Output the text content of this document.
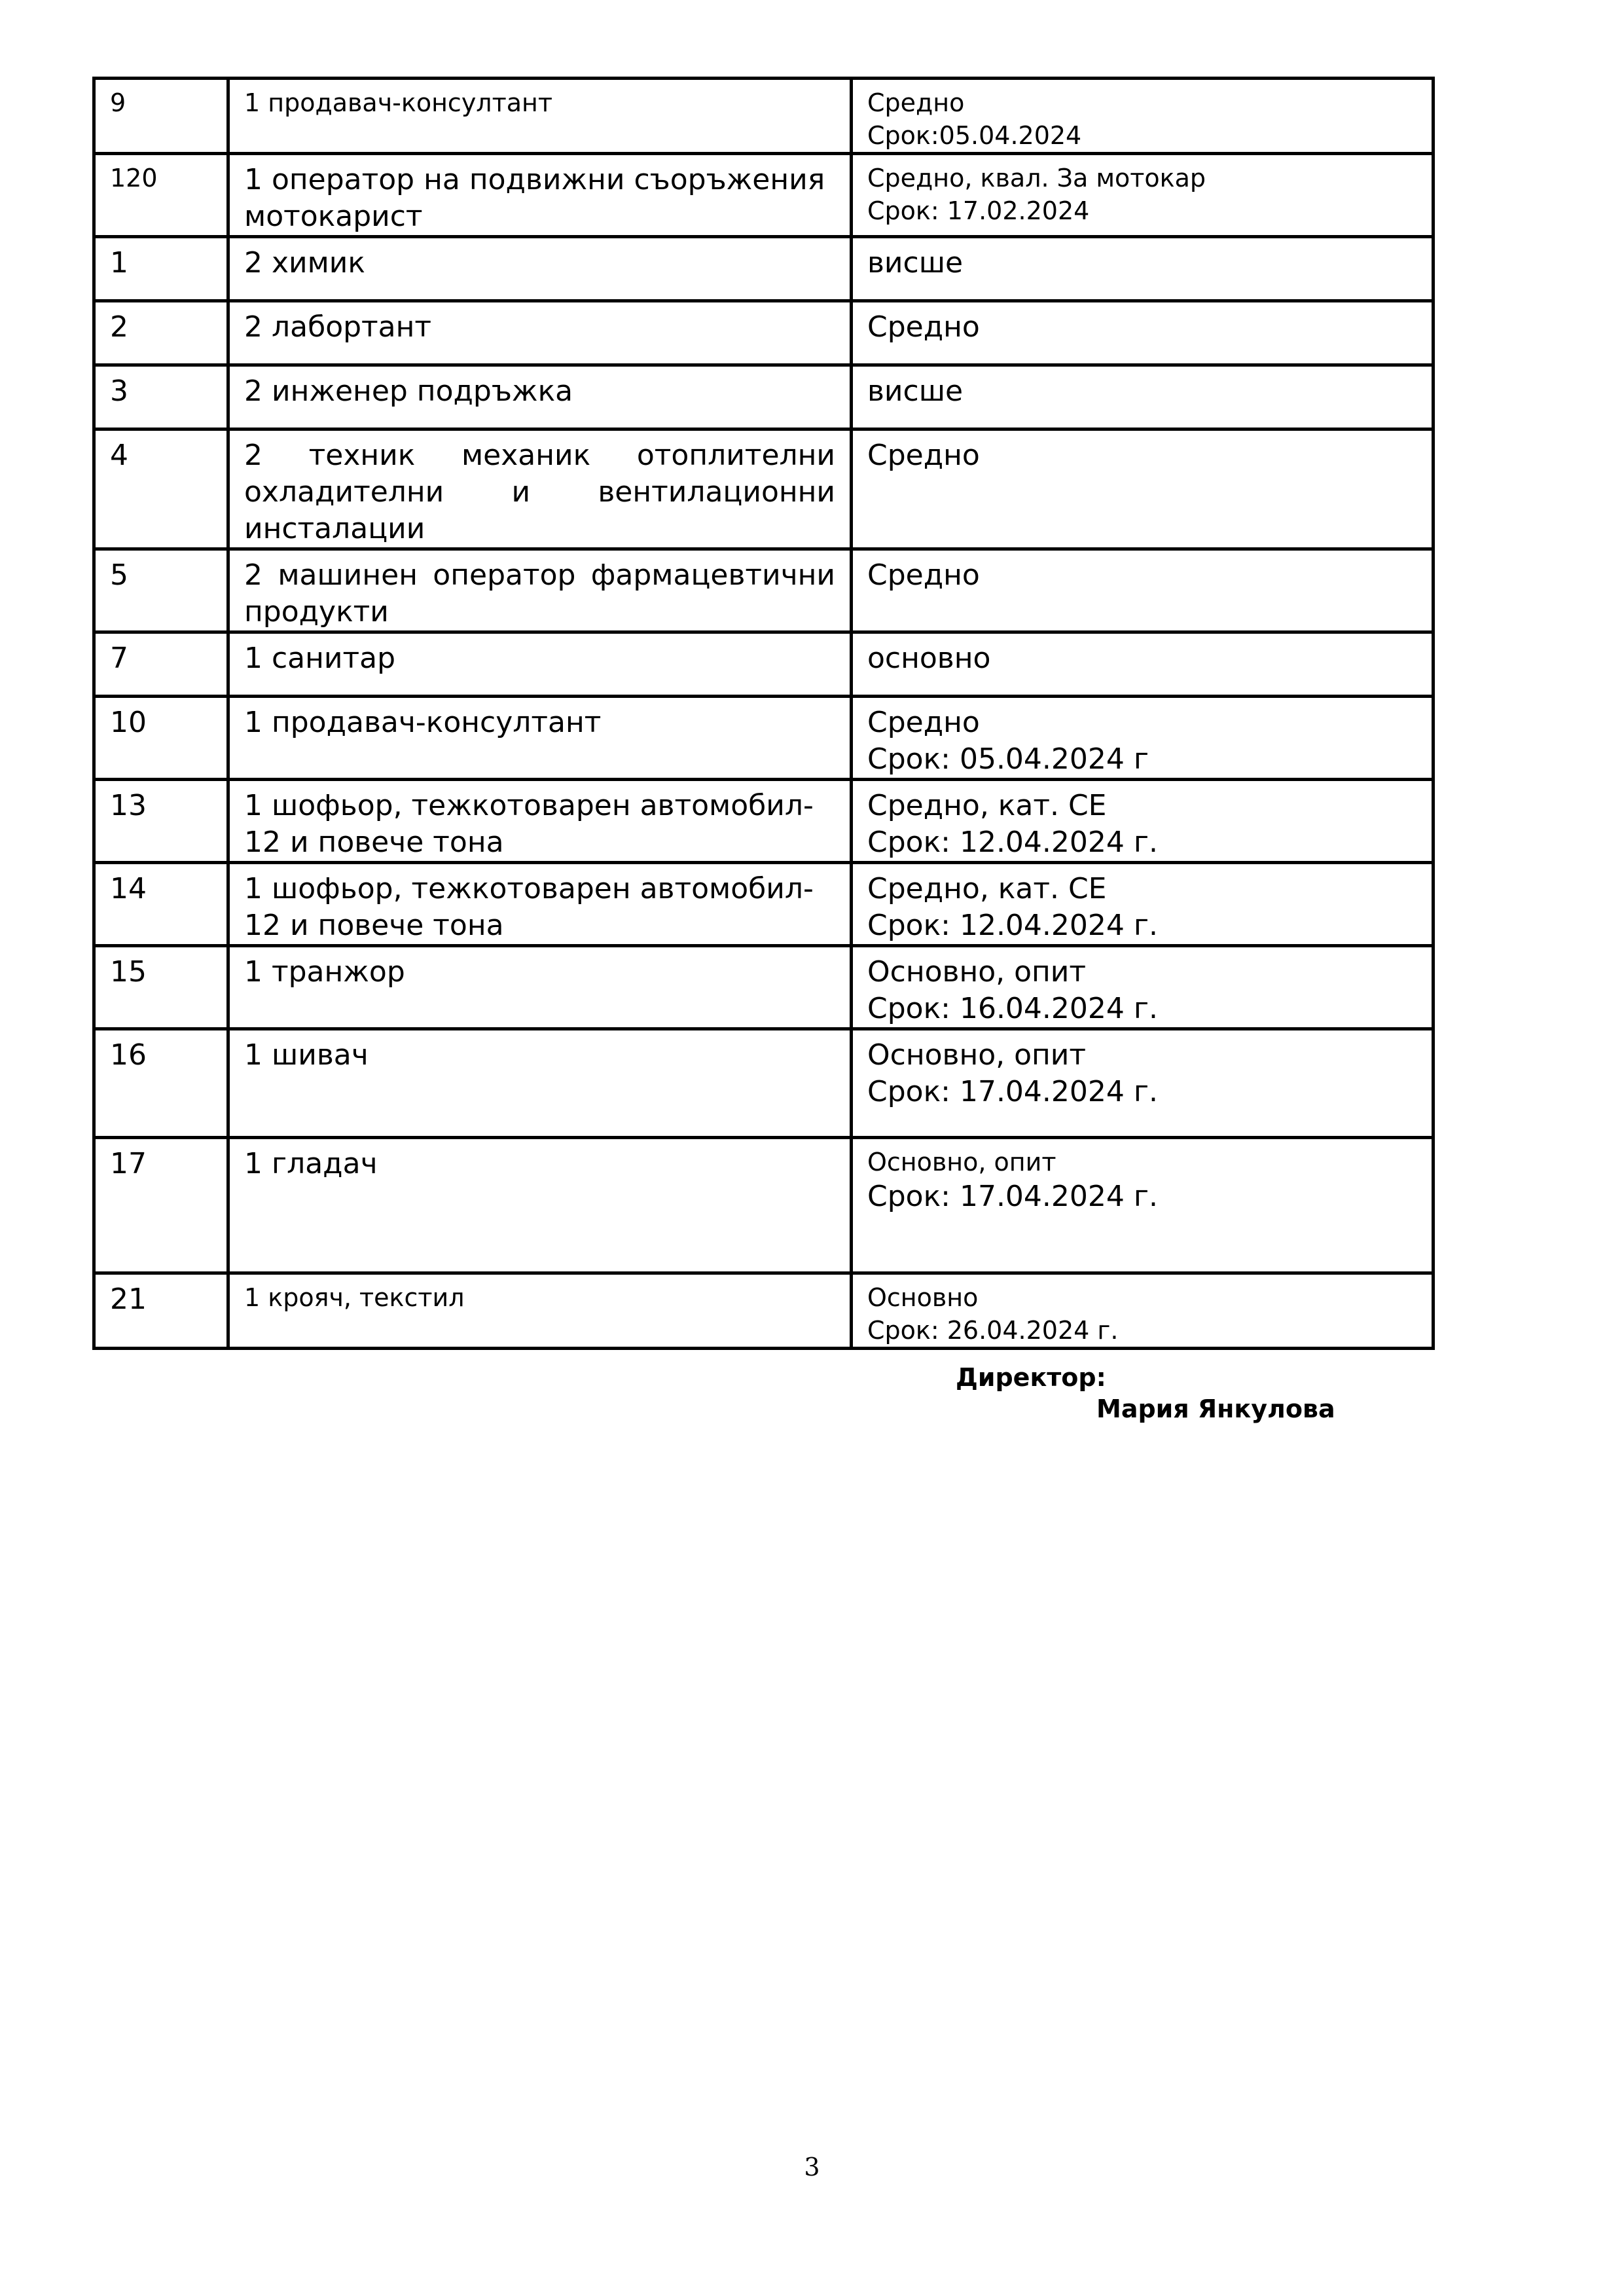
9	1 продавач-консултант	Средно
Срок:05.04.2024

120	1 оператор на подвижни съоръжения
мотокарист	Средно, квал. За мотокар
Срок: 17.02.2024

1	2 химик	висше

2	2 лабортант	Средно

3	2 инженер подръжка	висше

4	2 техник механик отоплителни охладителни и вентилационни инсталации	Средно

5	2 машинен оператор фармацевтични продукти	Средно

7	1 санитар	основно

10	1 продавач-консултант	Средно
Срок: 05.04.2024 г

13	1 шофьор, тежкотоварен автомобил-
12 и повече тона	Средно, кат. CE
Срок: 12.04.2024 г.

14	1 шофьор, тежкотоварен автомобил-
12 и повече тона	Средно, кат. CE
Срок: 12.04.2024 г.

15	1 транжор	Основно, опит
Срок: 16.04.2024 г.

16	1 шивач	Основно, опит
Срок: 17.04.2024 г.

17	1 гладач	Основно, опит
Срок: 17.04.2024 г.

21	1 крояч, текстил	Основно
Срок: 26.04.2024 г.
Директор:
Мария Янкулова
3
